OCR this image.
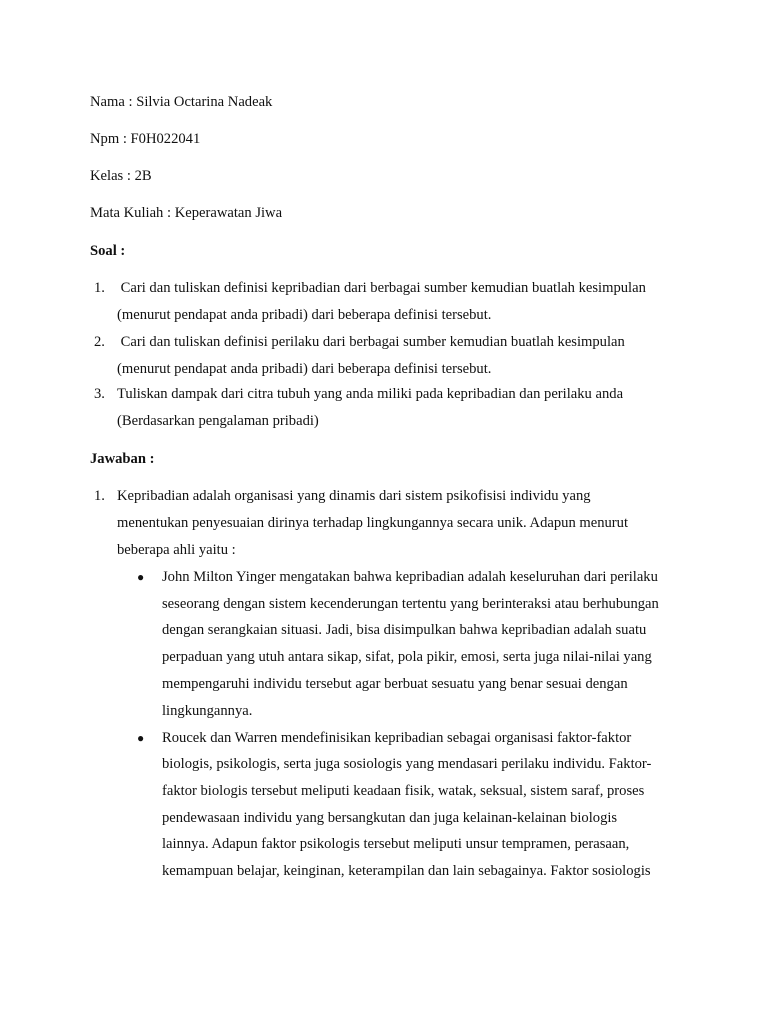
Nama : Silvia Octarina Nadeak
Npm : F0H022041
Kelas : 2B
Mata Kuliah : Keperawatan Jiwa
Soal :
1. Cari dan tuliskan definisi kepribadian dari berbagai sumber kemudian buatlah kesimpulan
(menurut pendapat anda pribadi) dari beberapa definisi tersebut.
2. Cari dan tuliskan definisi perilaku dari berbagai sumber kemudian buatlah kesimpulan
(menurut pendapat anda pribadi) dari beberapa definisi tersebut.
3. Tuliskan dampak dari citra tubuh yang anda miliki pada kepribadian dan perilaku anda
(Berdasarkan pengalaman pribadi)
Jawaban :
1. Kepribadian adalah organisasi yang dinamis dari sistem psikofisisi individu yang
menentukan penyesuaian dirinya terhadap lingkungannya secara unik. Adapun menurut
beberapa ahli yaitu :
● John Milton Yinger mengatakan bahwa kepribadian adalah keseluruhan dari perilaku
seseorang dengan sistem kecenderungan tertentu yang berinteraksi atau berhubungan
dengan serangkaian situasi. Jadi, bisa disimpulkan bahwa kepribadian adalah suatu
perpaduan yang utuh antara sikap, sifat, pola pikir, emosi, serta juga nilai-nilai yang
mempengaruhi individu tersebut agar berbuat sesuatu yang benar sesuai dengan
lingkungannya.
● Roucek dan Warren mendefinisikan kepribadian sebagai organisasi faktor-faktor
biologis, psikologis, serta juga sosiologis yang mendasari perilaku individu. Faktor-
faktor biologis tersebut meliputi keadaan fisik, watak, seksual, sistem saraf, proses
pendewasaan individu yang bersangkutan dan juga kelainan-kelainan biologis
lainnya. Adapun faktor psikologis tersebut meliputi unsur tempramen, perasaan,
kemampuan belajar, keinginan, keterampilan dan lain sebagainya. Faktor sosiologis
